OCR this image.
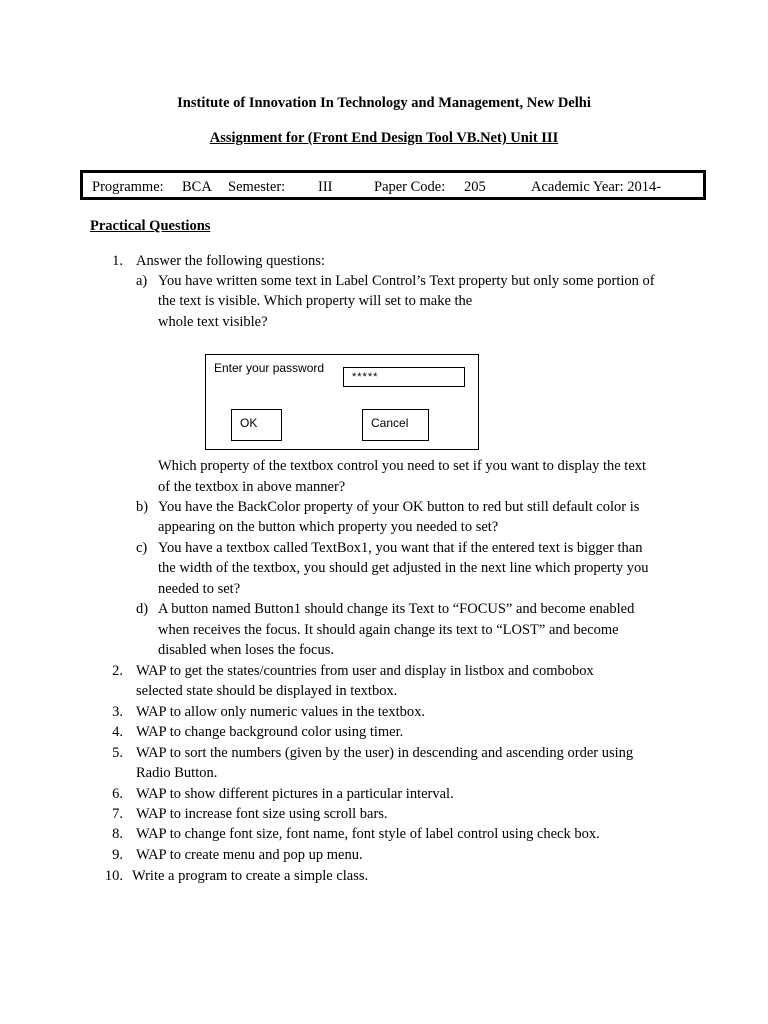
Institute of Innovation In Technology and Management, New Delhi
Assignment for (Front End Design Tool VB.Net) Unit III
Programme: BCA Semester: III	Paper Code: 205	Academic Year: 2014-
Practical Questions
1. Answer the following questions:
a) You have written some text in Label Control’s Text property but only some portion of
the text is visible. Which property will set to make the
whole text visible?
Enter your password
*****
OK	Cancel
Which property of the textbox control you need to set if you want to display the text
of the textbox in above manner?
b) You have the BackColor property of your OK button to red but still default color is
appearing on the button which property you needed to set?
c) You have a textbox called TextBox1, you want that if the entered text is bigger than
the width of the textbox, you should get adjusted in the next line which property you
needed to set?
d) A button named Button1 should change its Text to “FOCUS” and become enabled
when receives the focus. It should again change its text to “LOST” and become
disabled when loses the focus.
2. WAP to get the states/countries from user and display in listbox and combobox
selected state should be displayed in textbox.
3. WAP to allow only numeric values in the textbox.
4. WAP to change background color using timer.
5. WAP to sort the numbers (given by the user) in descending and ascending order using
Radio Button.
6. WAP to show different pictures in a particular interval.
7. WAP to increase font size using scroll bars.
8. WAP to change font size, font name, font style of label control using check box.
9. WAP to create menu and pop up menu.
10. Write a program to create a simple class.
